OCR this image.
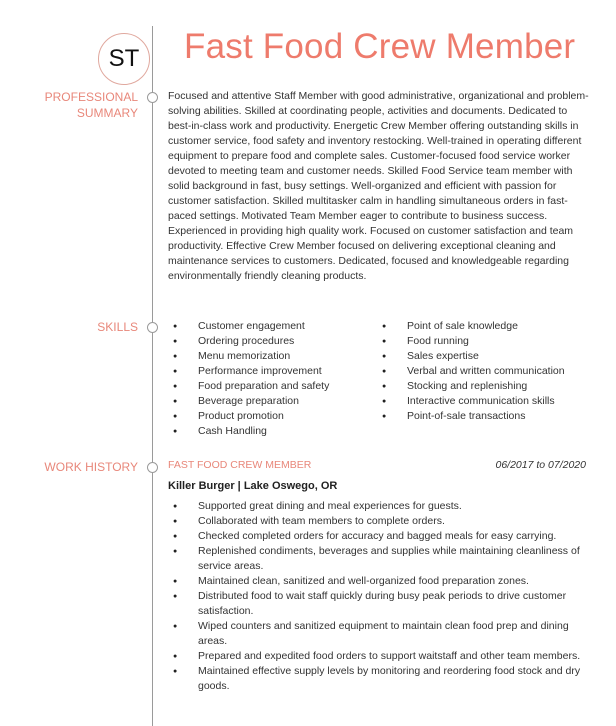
ST	Fast Food Crew Member
PROFESSIONAL
SUMMARY
Focused and attentive Staff Member with good administrative, organizational and problem-solving abilities. Skilled at coordinating people, activities and documents. Dedicated to best-in-class work and productivity. Energetic Crew Member offering outstanding skills in customer service, food safety and inventory restocking. Well-trained in operating different equipment to prepare food and complete sales. Customer-focused food service worker devoted to meeting team and customer needs. Skilled Food Service team member with solid background in fast, busy settings. Well-organized and efficient with passion for customer satisfaction. Skilled multitasker calm in handling simultaneous orders in fast-paced settings. Motivated Team Member eager to contribute to business success. Experienced in providing high quality work. Focused on customer satisfaction and team productivity. Effective Crew Member focused on delivering exceptional cleaning and maintenance services to customers. Dedicated, focused and knowledgeable regarding environmentally friendly cleaning products.
SKILLS	● Customer engagement
● Ordering procedures
● Menu memorization
● Performance improvement
● Food preparation and safety
● Beverage preparation
● Product promotion
● Cash Handling
● Point of sale knowledge
● Food running
● Sales expertise
● Verbal and written communication
● Stocking and replenishing
● Interactive communication skills
● Point-of-sale transactions
WORK HISTORY	FAST FOOD CREW MEMBER	06/2017 to 07/2020
Killer Burger | Lake Oswego, OR
● Supported great dining and meal experiences for guests.
● Collaborated with team members to complete orders.
● Checked completed orders for accuracy and bagged meals for easy carrying.
● Replenished condiments, beverages and supplies while maintaining cleanliness of service areas.
● Maintained clean, sanitized and well-organized food preparation zones.
● Distributed food to wait staff quickly during busy peak periods to drive customer satisfaction.
● Wiped counters and sanitized equipment to maintain clean food prep and dining areas.
● Prepared and expedited food orders to support waitstaff and other team members.
● Maintained effective supply levels by monitoring and reordering food stock and dry goods.
